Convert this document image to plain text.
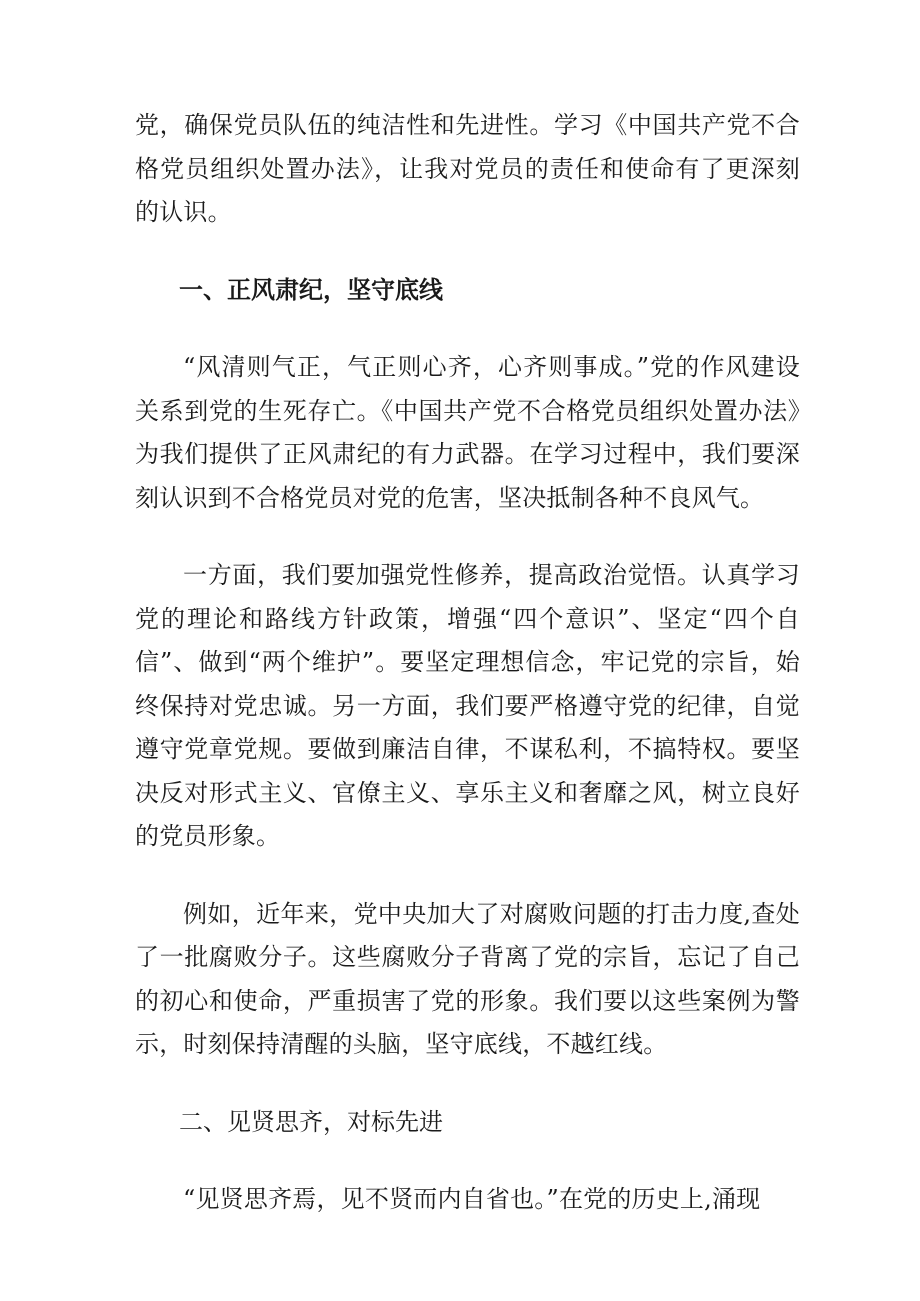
党，确保党员队伍的纯洁性和先进性。学习《中国共产党不合格党员组织处置办法》，让我对党员的责任和使命有了更深刻的认识。

一、正风肃纪，坚守底线

“风清则气正，气正则心齐，心齐则事成。”党的作风建设关系到党的生死存亡。《中国共产党不合格党员组织处置办法》为我们提供了正风肃纪的有力武器。在学习过程中，我们要深刻认识到不合格党员对党的危害，坚决抵制各种不良风气。

一方面，我们要加强党性修养，提高政治觉悟。认真学习党的理论和路线方针政策，增强“四个意识”、坚定“四个自信”、做到“两个维护”。要坚定理想信念，牢记党的宗旨，始终保持对党忠诚。另一方面，我们要严格遵守党的纪律，自觉遵守党章党规。要做到廉洁自律，不谋私利，不搞特权。要坚决反对形式主义、官僚主义、享乐主义和奢靡之风，树立良好的党员形象。

例如，近年来，党中央加大了对腐败问题的打击力度,查处了一批腐败分子。这些腐败分子背离了党的宗旨，忘记了自己的初心和使命，严重损害了党的形象。我们要以这些案例为警示，时刻保持清醒的头脑，坚守底线，不越红线。

二、见贤思齐，对标先进

“见贤思齐焉，见不贤而内自省也。”在党的历史上,涌现
